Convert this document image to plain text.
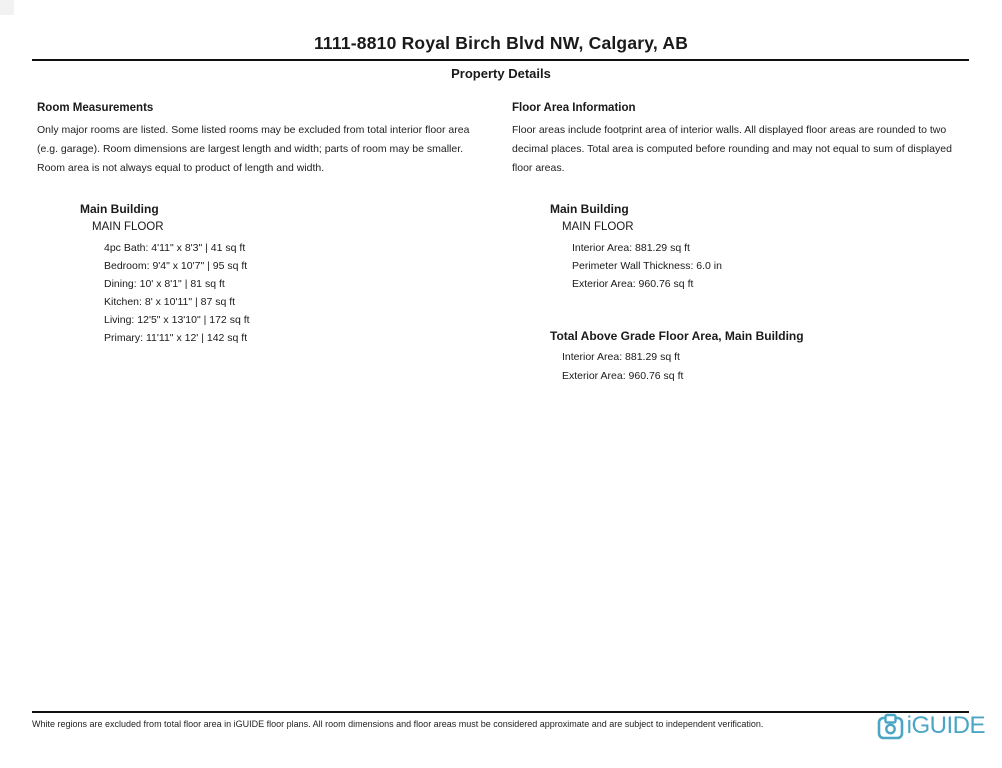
1111-8810 Royal Birch Blvd NW, Calgary, AB
Property Details
Room Measurements

Only major rooms are listed. Some listed rooms may be excluded from total interior floor area (e.g. garage). Room dimensions are largest length and width; parts of room may be smaller. Room area is not always equal to product of length and width.

Main Building
MAIN FLOOR
4pc Bath: 4'11" x 8'3" | 41 sq ft
Bedroom: 9'4" x 10'7" | 95 sq ft
Dining: 10' x 8'1" | 81 sq ft
Kitchen: 8' x 10'11" | 87 sq ft
Living: 12'5" x 13'10" | 172 sq ft
Primary: 11'11" x 12' | 142 sq ft
Floor Area Information

Floor areas include footprint area of interior walls. All displayed floor areas are rounded to two decimal places. Total area is computed before rounding and may not equal to sum of displayed floor areas.

Main Building
MAIN FLOOR
Interior Area: 881.29 sq ft
Perimeter Wall Thickness: 6.0 in
Exterior Area: 960.76 sq ft
Total Above Grade Floor Area, Main Building
Interior Area: 881.29 sq ft
Exterior Area: 960.76 sq ft
White regions are excluded from total floor area in iGUIDE floor plans. All room dimensions and floor areas must be considered approximate and are subject to independent verification.	iGUIDE
